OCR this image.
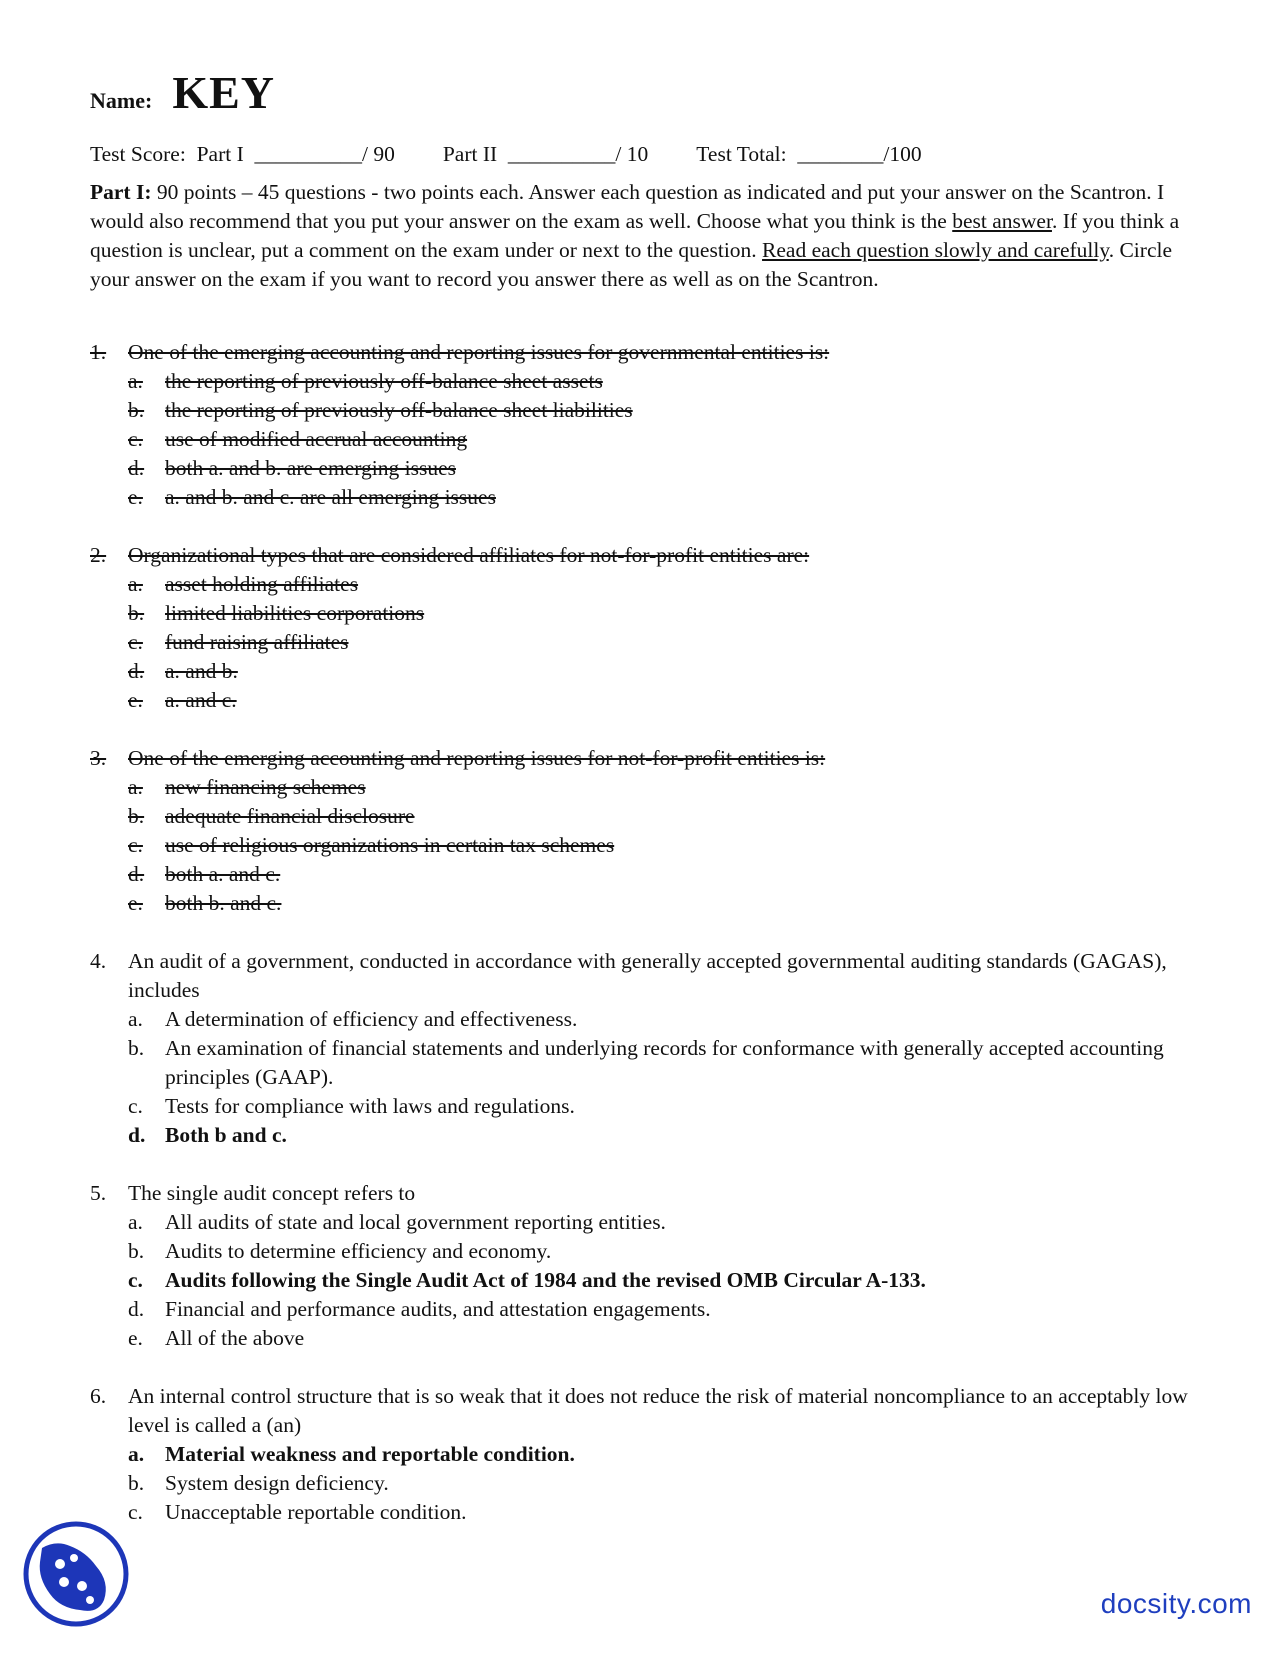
Name: KEY
Test Score:  Part I  __________/ 90 Part II  __________/ 10 Test Total:  ________/100
Part I: 90 points – 45 questions - two points each. Answer each question as indicated and put your answer on the Scantron. I would also recommend that you put your answer on the exam as well. Choose what you think is the best answer. If you think a question is unclear, put a comment on the exam under or next to the question. Read each question slowly and carefully. Circle your answer on the exam if you want to record you answer there as well as on the Scantron.
1.	One of the emerging accounting and reporting issues for governmental entities is:
a.	the reporting of previously off-balance sheet assets
b. the reporting of previously off-balance sheet liabilities
c.	use of modified accrual accounting
d. both a. and b. are emerging issues
e.	a. and b. and c. are all emerging issues
2.	Organizational types that are considered affiliates for not-for-profit entities are:
a.	asset holding affiliates
b. limited liabilities corporations
c.	fund raising affiliates
d. a. and b.
e.	a. and c.
3.	One of the emerging accounting and reporting issues for not-for-profit entities is:
a.	new financing schemes
b. adequate financial disclosure
c.	use of religious organizations in certain tax schemes
d. both a. and c.
e.	both b. and c.
4.	An audit of a government, conducted in accordance with generally accepted governmental auditing standards (GAGAS), includes
a.	A determination of efficiency and effectiveness.
b. An examination of financial statements and underlying records for conformance with generally accepted accounting principles (GAAP).
c.	Tests for compliance with laws and regulations.
d. Both b and c.
5.	The single audit concept refers to
a.	All audits of state and local government reporting entities.
b. Audits to determine efficiency and economy.
c.	Audits following the Single Audit Act of 1984 and the revised OMB Circular A-133.
d. Financial and performance audits, and attestation engagements.
e.	All of the above
6.	An internal control structure that is so weak that it does not reduce the risk of material noncompliance to an acceptably low level is called a (an)
a. Material weakness and reportable condition.
b. System design deficiency.
c.	Unacceptable reportable condition.
docsity.com
